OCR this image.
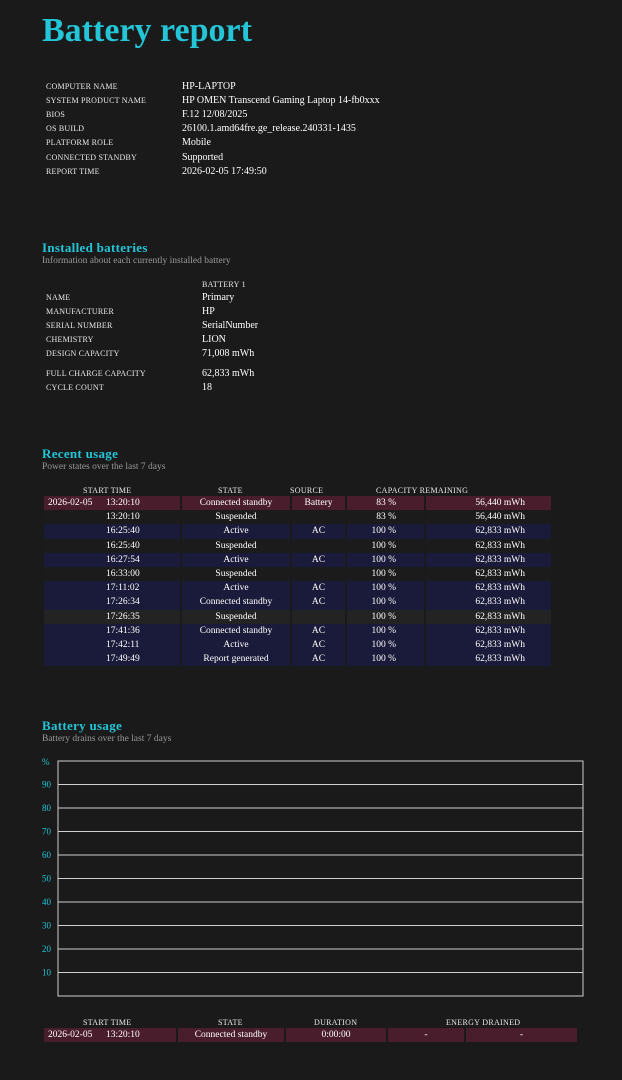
Battery report
COMPUTER NAME	HP-LAPTOP
SYSTEM PRODUCT NAME	HP OMEN Transcend Gaming Laptop 14-fb0xxx
BIOS	F.12 12/08/2025
OS BUILD	26100.1.amd64fre.ge_release.240331-1435
PLATFORM ROLE	Mobile
CONNECTED STANDBY	Supported
REPORT TIME	2026-02-05 17:49:50
Installed batteries

Information about each currently installed battery

BATTERY 1
NAME	Primary
MANUFACTURER	HP
SERIAL NUMBER	SerialNumber
CHEMISTRY	LION
DESIGN CAPACITY	71,008 mWh
FULL CHARGE CAPACITY	62,833 mWh
CYCLE COUNT	18
Recent usage

Power states over the last 7 days

START TIME	STATE	SOURCE	CAPACITY REMAINING
2026-02-05 13:20:10	Connected standby	Battery	83 %	56,440 mWh
13:20:10	Suspended		83 %	56,440 mWh
16:25:40	Active	AC	100 %	62,833 mWh
16:25:40	Suspended		100 %	62,833 mWh
16:27:54	Active	AC	100 %	62,833 mWh
16:33:00	Suspended		100 %	62,833 mWh
17:11:02	Active	AC	100 %	62,833 mWh
17:26:34	Connected standby	AC	100 %	62,833 mWh
17:26:35	Suspended		100 %	62,833 mWh
17:41:36	Connected standby	AC	100 %	62,833 mWh
17:42:11	Active	AC	100 %	62,833 mWh
17:49:49	Report generated	AC	100 %	62,833 mWh
Battery usage

Battery drains over the last 7 days

%
90
80
70
60
50
40
30
20
10
START TIME	STATE	DURATION	ENERGY DRAINED
2026-02-05 13:20:10	Connected standby	0:00:00	-	-
